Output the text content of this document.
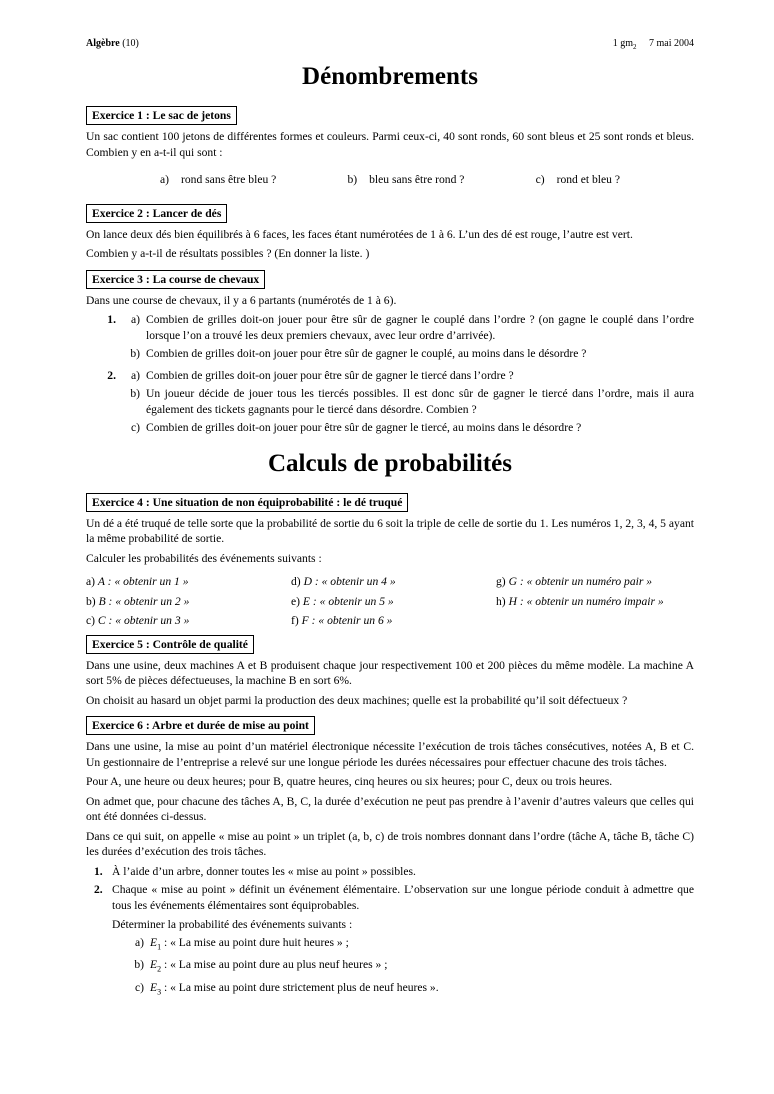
Algèbre (10)	1 $gm_2$ 7 mai 2004
Dénombrements
Exercice 1 : Le sac de jetons

Un sac contient 100 jetons de différentes formes et couleurs. Parmi ceux-ci, 40 sont ronds, 60 sont bleus et 25 sont ronds et bleus. Combien y en a-t-il qui sont :

a) rond sans être bleu ?	b) bleu sans être rond ?	c) rond et bleu ?
Exercice 2 : Lancer de dés

On lance deux dés bien équilibrés à 6 faces, les faces étant numérotées de 1 à 6. L’un des dé est rouge, l’autre est vert.

Combien y a-t-il de résultats possibles ? (En donner la liste. )

Exercice 3 : La course de chevaux

Dans une course de chevaux, il y a 6 partants (numérotés de 1 à 6).

1.	a) Combien de grilles doit-on jouer pour être sûr de gagner le couplé dans l’ordre ? (on gagne le couplé dans l’ordre lorsque l’on a trouvé les deux premiers chevaux, avec leur ordre d’arrivée).
b) Combien de grilles doit-on jouer pour être sûr de gagner le couplé, au moins dans le désordre ?
2.	a) Combien de grilles doit-on jouer pour être sûr de gagner le tiercé dans l’ordre ?
b) Un joueur décide de jouer tous les tiercés possibles. Il est donc sûr de gagner le tiercé dans l’ordre, mais il aura également des tickets gagnants pour le tiercé dans désordre. Combien ?
c) Combien de grilles doit-on jouer pour être sûr de gagner le tiercé, au moins dans le désordre ?
Calculs de probabilités
Exercice 4 : Une situation de non équiprobabilité : le dé truqué

Un dé a été truqué de telle sorte que la probabilité de sortie du 6 soit la triple de celle de sortie du 1. Les numéros 1, 2, 3, 4, 5 ayant la même probabilité de sortie.

Calculer les probabilités des événements suivants :

a) A : « obtenir un 1 »	d) D : « obtenir un 4 »	g) G : « obtenir un numéro pair »
b) B : « obtenir un 2 »	e) E : « obtenir un 5 »	h) H : « obtenir un numéro impair »
c) C : « obtenir un 3 »	f) F : « obtenir un 6 »
Exercice 5 : Contrôle de qualité

Dans une usine, deux machines A et B produisent chaque jour respectivement 100 et 200 pièces du même modèle. La machine A sort 5% de pièces défectueuses, la machine B en sort 6%.

On choisit au hasard un objet parmi la production des deux machines; quelle est la probabilité qu’il soit défectueux ?

Exercice 6 : Arbre et durée de mise au point

Dans une usine, la mise au point d’un matériel électronique nécessite l’exécution de trois tâches consécutives, notées A, B et C. Un gestionnaire de l’entreprise a relevé sur une longue période les durées nécessaires pour effectuer chacune des trois tâches.

Pour A, une heure ou deux heures; pour B, quatre heures, cinq heures ou six heures; pour C, deux ou trois heures.

On admet que, pour chacune des tâches A, B, C, la durée d’exécution ne peut pas prendre à l’avenir d’autres valeurs que celles qui ont été données ci-dessus.

Dans ce qui suit, on appelle « mise au point » un triplet (a, b, c) de trois nombres donnant dans l’ordre (tâche A, tâche B, tâche C) les durées d’exécution des trois tâches.

1. À l’aide d’un arbre, donner toutes les « mise au point » possibles.
2. Chaque « mise au point » définit un événement élémentaire. L’observation sur une longue période conduit à admettre que tous les événements élémentaires sont équiprobables.
Déterminer la probabilité des événements suivants :
a) $E_1$ : « La mise au point dure huit heures » ;
b) $E_2$ : « La mise au point dure au plus neuf heures » ;
c) $E_3$ : « La mise au point dure strictement plus de neuf heures ».
